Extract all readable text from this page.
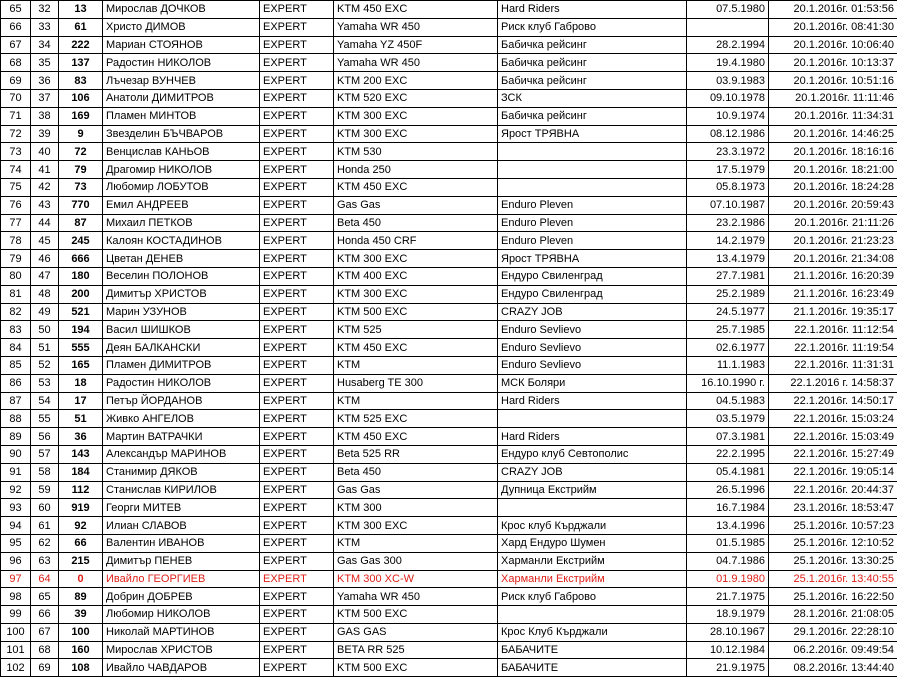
65	32	13	Мирослав ДОЧКОВ	EXPERT	KTM 450 EXC	Hard Riders	07.5.1980	20.1.2016г. 01:53:56
66	33	61	Христо ДИМОВ	EXPERT	Yamaha WR 450	Риск клуб Габрово		20.1.2016г. 08:41:30
67	34	222	Мариан СТОЯНОВ	EXPERT	Yamaha YZ 450F	Бабичка рейсинг	28.2.1994	20.1.2016г. 10:06:40
68	35	137	Радостин НИКОЛОВ	EXPERT	Yamaha WR 450	Бабичка рейсинг	19.4.1980	20.1.2016г. 10:13:37
69	36	83	Лъчезар ВУНЧЕВ	EXPERT	KTM 200 EXC	Бабичка рейсинг	03.9.1983	20.1.2016г. 10:51:16
70	37	106	Анатоли ДИМИТРОВ	EXPERT	KTM 520 EXC	ЗСК	09.10.1978	20.1.2016г. 11:11:46
71	38	169	Пламен МИНТОВ	EXPERT	KTM 300 EXC	Бабичка рейсинг	10.9.1974	20.1.2016г. 11:34:31
72	39	9	Звезделин БЪЧВАРОВ	EXPERT	KTM 300 EXC	Ярост ТРЯВНА	08.12.1986	20.1.2016г. 14:46:25
73	40	72	Венцислав КАНЬОВ	EXPERT	KTM 530		23.3.1972	20.1.2016г. 18:16:16
74	41	79	Драгомир НИКОЛОВ	EXPERT	Honda 250		17.5.1979	20.1.2016г. 18:21:00
75	42	73	Любомир ЛОБУТОВ	EXPERT	KTM 450 EXC		05.8.1973	20.1.2016г. 18:24:28
76	43	770	Емил АНДРЕЕВ	EXPERT	Gas Gas	Enduro Pleven	07.10.1987	20.1.2016г. 20:59:43
77	44	87	Михаил ПЕТКОВ	EXPERT	Beta 450	Enduro Pleven	23.2.1986	20.1.2016г. 21:11:26
78	45	245	Калоян КОСТАДИНОВ	EXPERT	Honda 450 CRF	Enduro Pleven	14.2.1979	20.1.2016г. 21:23:23
79	46	666	Цветан ДЕНЕВ	EXPERT	KTM 300 EXC	Ярост ТРЯВНА	13.4.1979	20.1.2016г. 21:34:08
80	47	180	Веселин ПОЛОНОВ	EXPERT	KTM 400 EXC	Ендуро Свиленград	27.7.1981	21.1.2016г. 16:20:39
81	48	200	Димитър ХРИСТОВ	EXPERT	KTM 300 EXC	Ендуро Свиленград	25.2.1989	21.1.2016г. 16:23:49
82	49	521	Марин УЗУНОВ	EXPERT	KTM 500 EXC	CRAZY JOB	24.5.1977	21.1.2016г. 19:35:17
83	50	194	Васил ШИШКОВ	EXPERT	KTM 525	Enduro Sevlievo	25.7.1985	22.1.2016г. 11:12:54
84	51	555	Деян БАЛКАНСКИ	EXPERT	KTM 450 EXC	Enduro Sevlievo	02.6.1977	22.1.2016г. 11:19:54
85	52	165	Пламен ДИМИТРОВ	EXPERT	KTM	Enduro Sevlievo	11.1.1983	22.1.2016г. 11:31:31
86	53	18	Радостин НИКОЛОВ	EXPERT	Husaberg TE 300	МСК Боляри	16.10.1990 г.	22.1.2016 г. 14:58:37
87	54	17	Петър ЙОРДАНОВ	EXPERT	KTM	Hard Riders	04.5.1983	22.1.2016г. 14:50:17
88	55	51	Живко АНГЕЛОВ	EXPERT	KTM 525 EXC		03.5.1979	22.1.2016г. 15:03:24
89	56	36	Мартин ВАТРАЧКИ	EXPERT	KTM 450 EXC	Hard Riders	07.3.1981	22.1.2016г. 15:03:49
90	57	143	Александър МАРИНОВ	EXPERT	Beta 525 RR	Ендуро клуб Севтополис	22.2.1995	22.1.2016г. 15:27:49
91	58	184	Станимир ДЯКОВ	EXPERT	Beta 450	CRAZY JOB	05.4.1981	22.1.2016г. 19:05:14
92	59	112	Станислав КИРИЛОВ	EXPERT	Gas Gas	Дупница Екстрийм	26.5.1996	22.1.2016г. 20:44:37
93	60	919	Георги МИТЕВ	EXPERT	KTM 300		16.7.1984	23.1.2016г. 18:53:47
94	61	92	Илиан СЛАВОВ	EXPERT	KTM 300 EXC	Крос клуб Кърджали	13.4.1996	25.1.2016г. 10:57:23
95	62	66	Валентин ИВАНОВ	EXPERT	KTM	Хард Ендуро Шумен	01.5.1985	25.1.2016г. 12:10:52
96	63	215	Димитър ПЕНЕВ	EXPERT	Gas Gas 300	Харманли Екстрийм	04.7.1986	25.1.2016г. 13:30:25
97	64	0	Ивайло ГЕОРГИЕВ	EXPERT	KTM 300 XC-W	Харманли Екстрийм	01.9.1980	25.1.2016г. 13:40:55
98	65	89	Добрин ДОБРЕВ	EXPERT	Yamaha WR 450	Риск клуб Габрово	21.7.1975	25.1.2016г. 16:22:50
99	66	39	Любомир НИКОЛОВ	EXPERT	KTM 500 EXC		18.9.1979	28.1.2016г. 21:08:05
100	67	100	Николай МАРТИНОВ	EXPERT	GAS GAS	Крос Клуб Кърджали	28.10.1967	29.1.2016г. 22:28:10
101	68	160	Мирослав ХРИСТОВ	EXPERT	BETA RR 525	БАБАЧИТЕ	10.12.1984	06.2.2016г. 09:49:54
102	69	108	Ивайло ЧАВДАРОВ	EXPERT	KTM 500 EXC	БАБАЧИТЕ	21.9.1975	08.2.2016г. 13:44:40
